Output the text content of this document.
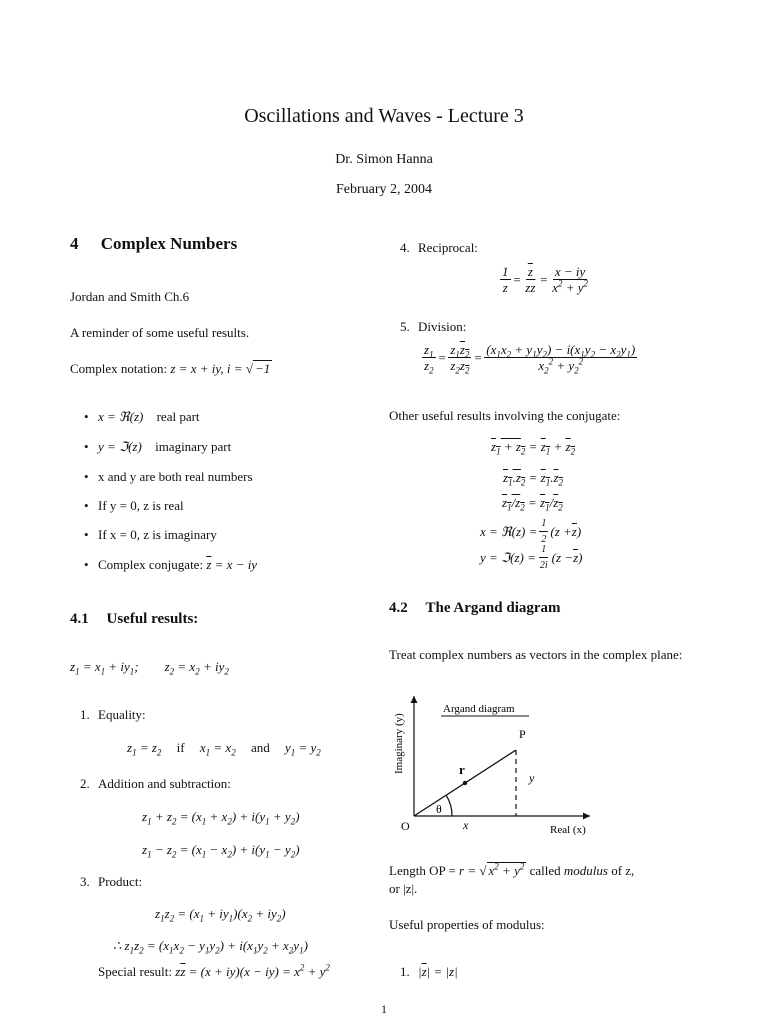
Oscillations and Waves - Lecture 3
Dr. Simon Hanna
February 2, 2004
4 Complex Numbers
Jordan and Smith Ch.6
A reminder of some useful results.
Complex notation: z = x + iy, i = √ −1
• x = ℜ(z) real part
• y = ℑ(z) imaginary part
• x and y are both real numbers
• If y = 0, z is real
• If x = 0, z is imaginary
• Complex conjugate: $\overline{z} = x$ − iy
4.1 Useful results:
$z_1 = x_1 + iy_1$;        $z_2 = x_2 + iy_2$
1. Equality:
$z_1 = z_2$ if $x_1 = x_2$ and $y_1 = y_2$
2. Addition and subtraction:
$z_1 + z_2 = (x_1 + x_2) + i(y_1 + y_2)$
$z_1 - z_2 = (x_1 - x_2) + i(y_1 - y_2)$
3. Product:
$z_1z_2 = (x_1 + iy_1)(x_2 + iy_2)$
∴ $z_1z_2 = (x_1x_2 - y_1y_2) + i(x_1y_2 + x_2y_1)$
Special result: $z\overline{z} = (x + iy)(x - iy) = x^2 + y^2$
4. Reciprocal:
$\frac{1}{z} = \frac{\overline{z}}{z\overline{z}} = \frac{x - iy}{x^2 + y^2}$
5. Division:
$\frac{z_1}{z_2} = \frac{z_1z_2}{z_2z_2} = \frac{(x_1x_2 + y_1y_2) - i(x_1y_2 - x_2y_1)}{x_2^2 + y_2^2}$
Other useful results involving the conjugate:
$z_1 + z_2 = z_1 + z_2$
$z_1.z_2 = z_1.z_2$
$z_1/z_2 = z_1/z_2$
x = ℜ(z) = $\frac{1}{2} (z + \overline{z}$ )
y = ℑ(z) = $\frac{1}{2i} (z - \overline{z}$ )
4.2 The Argand diagram
Treat complex numbers as vectors in the complex plane:
Imaginary (y)
Argand diagram
O
P
r
θ
x
y
Real (x)
Length OP = r = √ $x^2 + y^2$ called modulus of z,
or |z|.
Useful properties of modulus:
1. $|\overline{z}| = |z|$
1
